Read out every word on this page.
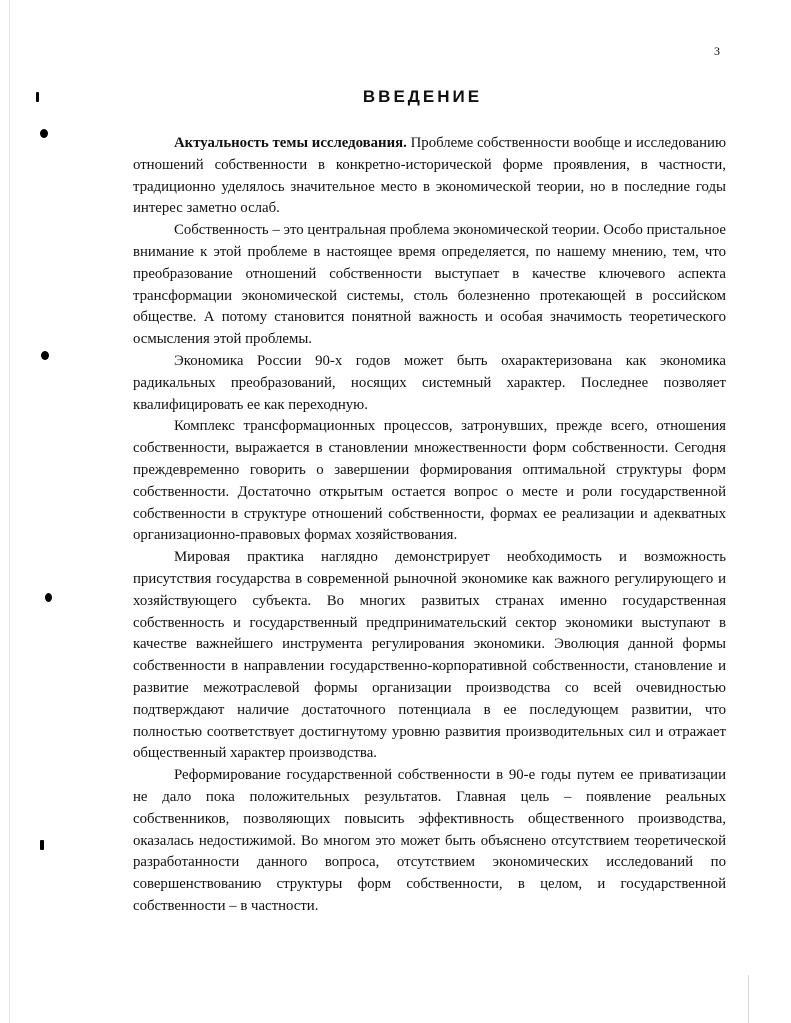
3
ВВЕДЕНИЕ

Актуальность темы исследования. Проблеме собственности вообще и исследованию отношений собственности в конкретно-исторической форме проявления, в частности, традиционно уделялось значительное место в экономической теории, но в последние годы интерес заметно ослаб.

Собственность – это центральная проблема экономической теории. Особо пристальное внимание к этой проблеме в настоящее время определяется, по нашему мнению, тем, что преобразование отношений собственности выступает в качестве ключевого аспекта трансформации экономической системы, столь болезненно протекающей в российском обществе. А потому становится понятной важность и особая значимость теоретического осмысления этой проблемы.

Экономика России 90-х годов может быть охарактеризована как экономика радикальных преобразований, носящих системный характер. Последнее позволяет квалифицировать ее как переходную.

Комплекс трансформационных процессов, затронувших, прежде всего, отношения собственности, выражается в становлении множественности форм собственности. Сегодня преждевременно говорить о завершении формирования оптимальной структуры форм собственности. Достаточно открытым остается вопрос о месте и роли государственной собственности в структуре отношений собственности, формах ее реализации и адекватных организационно-правовых формах хозяйствования.

Мировая практика наглядно демонстрирует необходимость и возможность присутствия государства в современной рыночной экономике как важного регулирующего и хозяйствующего субъекта. Во многих развитых странах именно государственная собственность и государственный предпринимательский сектор экономики выступают в качестве важнейшего инструмента регулирования экономики. Эволюция данной формы собственности в направлении государственно-корпоративной собственности, становление и развитие межотраслевой формы организации производства со всей очевидностью подтверждают наличие достаточного потенциала в ее последующем развитии, что полностью соответствует достигнутому уровню развития производительных сил и отражает общественный характер производства.

Реформирование государственной собственности в 90-е годы путем ее приватизации не дало пока положительных результатов. Главная цель – появление реальных собственников, позволяющих повысить эффективность общественного производства, оказалась недостижимой. Во многом это может быть объяснено отсутствием теоретической разработанности данного вопроса, отсутствием экономических исследований по совершенствованию структуры форм собственности, в целом, и государственной собственности – в частности.
